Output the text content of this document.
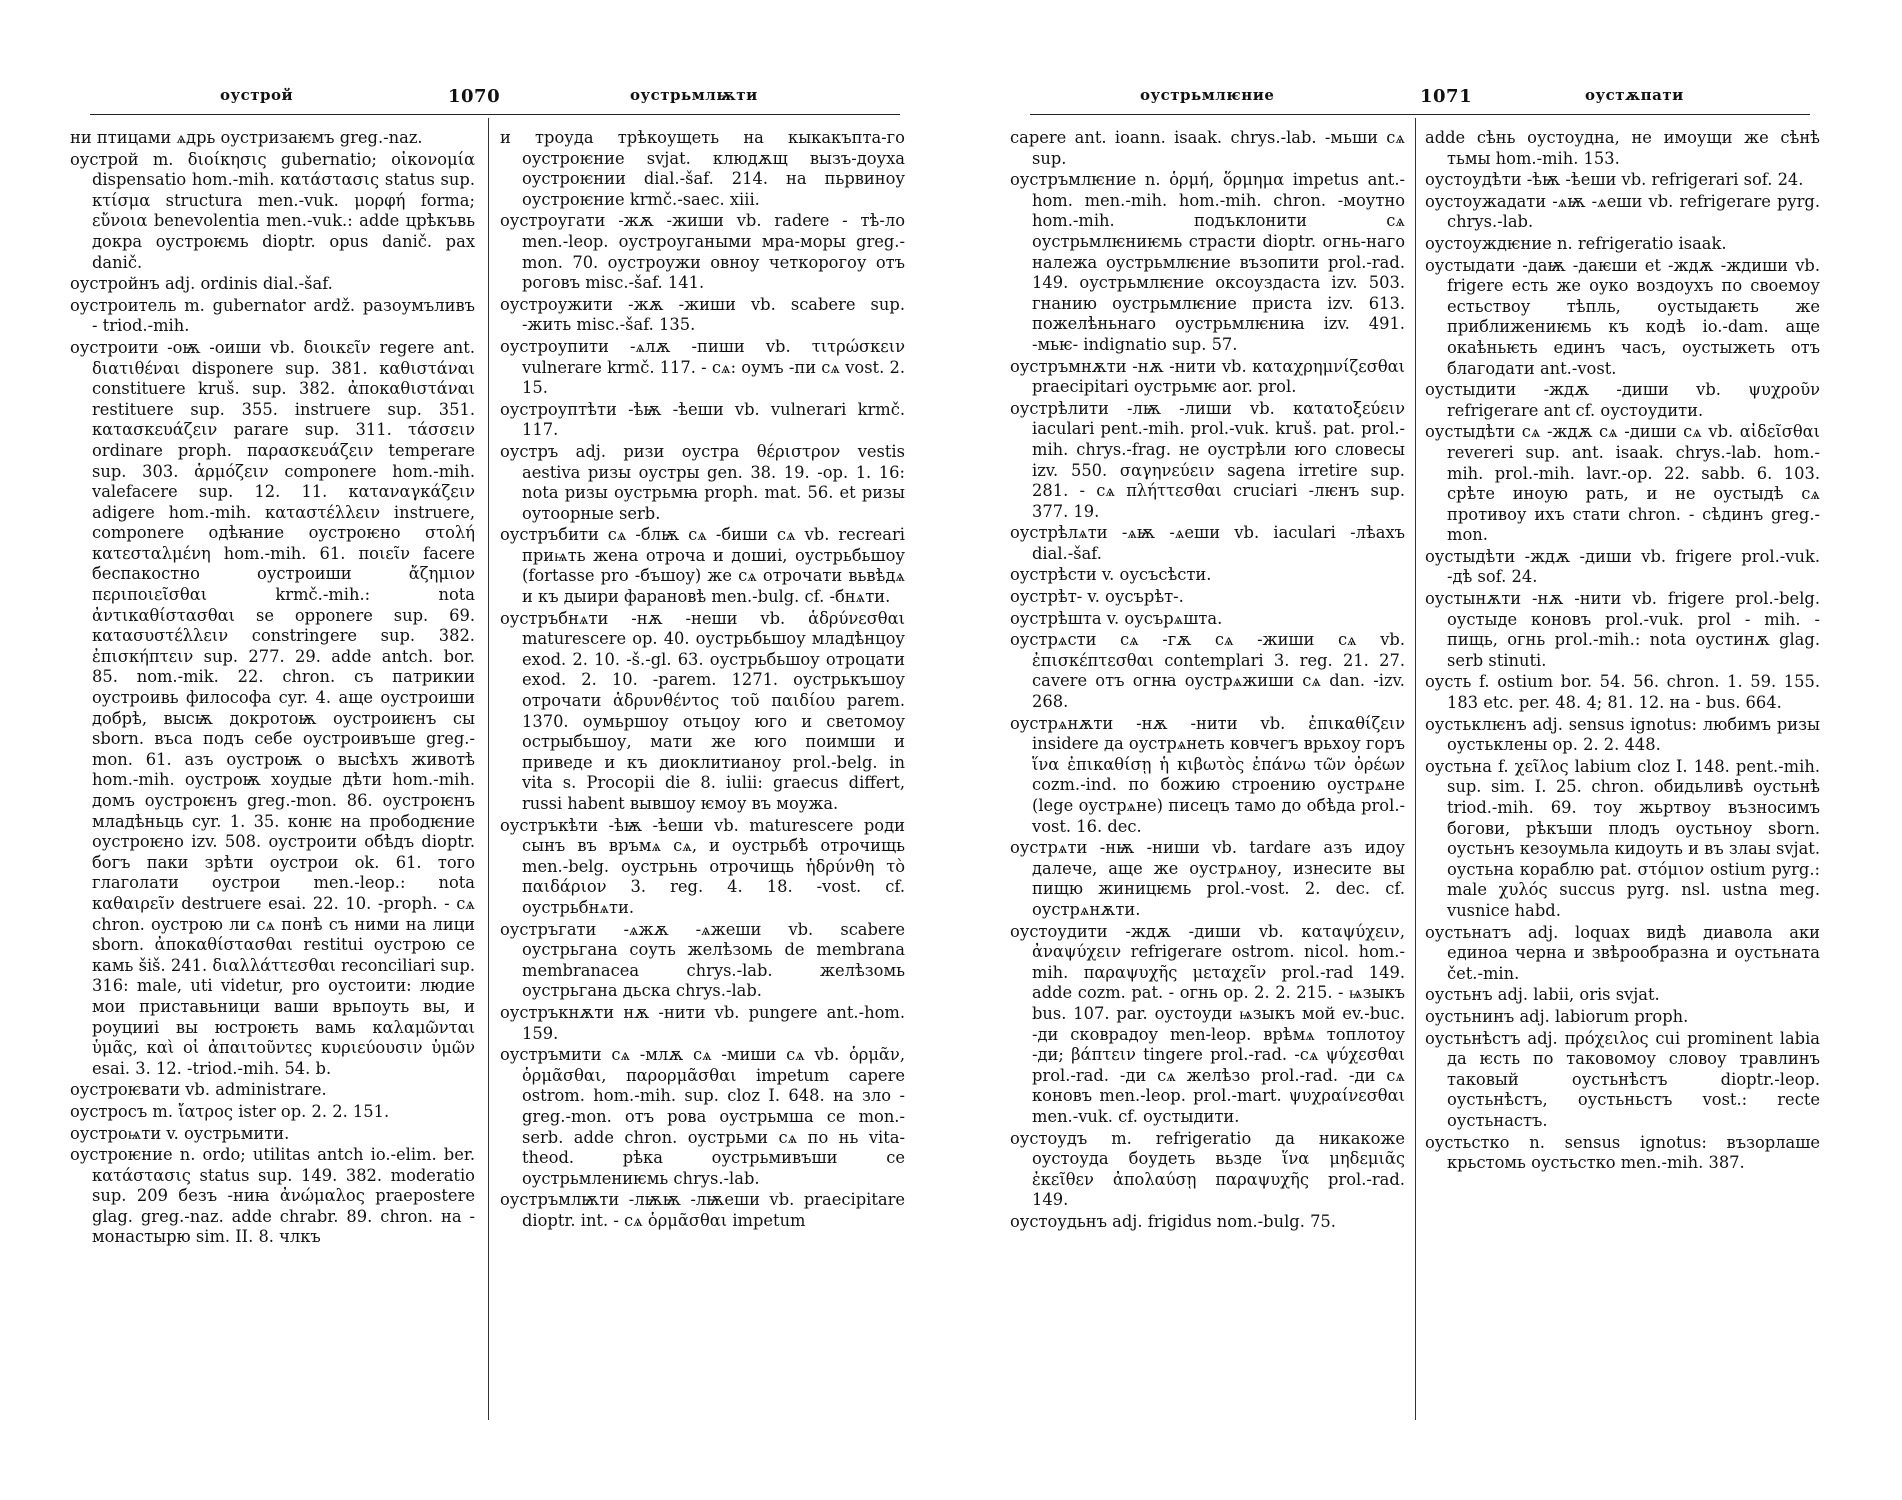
оустрой	1070	оустрьмлѭти

ни птицами ѧдрь оустризаѥмъ greg.-naz.

оустрой m. διοίκησις gubernatio; οἰκονομία dispensatio hom.-mih. κατάστασις status sup. κτίσμα structura men.-vuk. μορφή forma; εὔνοια benevolentia men.-vuk.: adde црѣкъвь докра оустроѥмь dioptr. opus danič. pax danič.

оустройнъ adj. ordinis dial.-šaf.

оустроитель m. gubernator ardž. разоумъливъ - triod.-mih.

оустроити -оѭ -оиши vb. διοικεῖν regere ant. διατιθέναι disponere sup. 381. καθιστάναι constituere kruš. sup. 382. ἀποκαθιστάναι restituere sup. 355. instruere sup. 351. κατασκευάζειν parare sup. 311. τάσσειν ordinare proph. παρασκευάζειν temperare sup. 303. ἁρμόζειν componere hom.-mih. valefacere sup. 12. 11. καταναγκάζειν adigere hom.-mih. καταστέλλειν instruere, componere одѣꙗние оустроѥно στολή κατεσταλμένη hom.-mih. 61. ποιεῖν facere беспакостно оустроиши ἄζημιον περιποιεῖσθαι krmč.-mih.: nota ἀντικαθίστασθαι se opponere sup. 69. κατασυστέλλειν constringere sup. 382. ἐπισκήπτειν sup. 277. 29. adde antch. bor. 85. nom.-mik. 22. chron. съ патрикии оустроивь философа cyr. 4. аще оустроиши добрѣ, высѭ докротоѭ оустроиѥнъ сы sborn. въса подъ себе оустроивъше greg.-mon. 61. азъ оустроѭ о высѣхъ животѣ hom.-mih. оустроѭ хоудые дѣти hom.-mih. домъ оустроѥнъ greg.-mon. 86. оустроѥнъ младѣньць cyr. 1. 35. конѥ на прободѥние оустроѥно izv. 508. оустроити обѣдъ dioptr. богъ паки зрѣти оустрои ok. 61. того глаголати оустрои men.-leop.: nota καθαιρεῖν destruere esai. 22. 10. -proph. - сѧ chron. оустрою ли сѧ понѣ съ ними на лици sborn. ἀποκαθίστασθαι restitui оустрою се камь šiš. 241. διαλλάττεσθαι reconciliari sup. 316: male, uti videtur, pro оустоити: людие мои приставьници ваши врьпоуть вы, и роуцииi вы юстроѥть вамь καλαμῶνται ὑμᾶς, καὶ οἱ ἀπαιτοῦντες κυριεύουσιν ὑμῶν esai. 3. 12. -triod.-mih. 54. b.

оустроѥвати vb. administrare.

оустросъ m. ἴατρος ister op. 2. 2. 151.

оустроѩти v. оустрьмити.

оустроѥние n. ordo; utilitas antch io.-elim. ber. κατάστασις status sup. 149. 382. moderatio sup. 209 безъ -ниꙗ ἀνώμαλος praepostere glag. greg.-naz. adde chrabr. 89. chron. на - монастырю sim. II. 8. члкъ

и троуда трѣкоущеть на кыкакъпта-го оустроѥние svjat. клюдѫщ вызъ-доуха оустроѥнии dial.-šaf. 214. на пьрвиноу оустроѥние krmč.-saec. xiii.

оустроугати -жѫ -жиши vb. radere - тѣ-ло men.-leop. оустроугаными мра-моры greg.-mon. 70. оустроужи овноу четкорогоу отъ роговъ misc.-šaf. 141.

оустроужити -жѫ -жиши vb. scabere sup. -жить misc.-šaf. 135.

оустроупити -ѧлѫ -пиши vb. τιτρώσκειν vulnerare krmč. 117. - сѧ: оумъ -пи сѧ vost. 2. 15.

оустроуптѣти -ѣѭ -ѣеши vb. vulnerari krmč. 117.

оустръ adj. ризи оустра θέριστρον vestis aestiva ризы оустры gen. 38. 19. -op. 1. 16: nota ризы оустрьмꙗ proph. mat. 56. et ризы оутоорные serb.

оустръбити сѧ -блѭ сѧ -биши сѧ vb. recreari приѩть жена отроча и дошиi, оустрьбьшоу (fortasse pro -бъшоу) же сѧ отрочати вьвѣдѧ и къ дыири фарановѣ men.-bulg. cf. -бнѧти.

оустръбнѧти -нѫ -неши vb. ἁδρύνεσθαι maturescere op. 40. оустрьбьшоу младѣнцоу exod. 2. 10. -š.-gl. 63. оустрьбьшоу отроцати exod. 2. 10. -parem. 1271. оустрькъшоу отрочати ἁδρυνθέντος τοῦ παιδίου parem. 1370. оумьршоу отьцоу юго и светомоу острыбьшоу, мати же юго поимши и приведе и къ диоклитианоу prol.-belg. in vita s. Procopii die 8. iulii: graecus differt, russi habent вывшоу ѥмоу въ моужа.

оустръкѣти -ѣѭ -ѣеши vb. maturescere роди сынъ въ връмѧ сѧ, и оустрьбѣ отрочищь men.-belg. оустрьнь отрочищь ἡδρύνθη τὸ παιδάριον 3. reg. 4. 18. -vost. cf. оустрьбнѧти.

оустръгати -ѧжѫ -ѧжеши vb. scabere оустрьгана соуть желѣзомь de membrana membranacea chrys.-lab. желѣзомь оустрьгана дьска chrys.-lab.

оустръкнѫти нѫ -нити vb. pungere ant.-hom. 159.

оустръмити сѧ -млѫ сѧ -миши сѧ vb. ὁρμᾶν, ὁρμᾶσθαι, παρορμᾶσθαι impetum capere ostrom. hom.-mih. sup. cloz I. 648. на зло - greg.-mon. отъ рова оустрьмша се mon.-serb. adde chron. оустрьми сѧ по нь vita-theod. рѣка оустрьмивъши се оустрьмлениѥмь chrys.-lab.

оустръмлѭти -лѭѭ -лѭеши vb. praecipitare dioptr. int. - сѧ ὁρμᾶσθαι impetum

оустрьмлѥние	1071	оустѫпати

capere ant. ioann. isaak. chrys.-lab. -мьши сѧ sup.

оустръмлѥние n. ὁρμή, ὅρμημα impetus ant.-hom. men.-mih. hom.-mih. chron. -моутно hom.-mih. подъклонити сѧ оустрьмлѥниѥмь страсти dioptr. огнь-наго належа оустрьмлѥние възопити prol.-rad. 149. оустрьмлѥние оксоуздаста izv. 503. гнанию оустрьмлѥние приста izv. 613. пожелѣньнаго оустрьмлѥниꙗ izv. 491. -мьѥ- indignatio sup. 57.

оустръмнѫти -нѫ -нити vb. καταχρημνίζεσθαι praecipitari оустрьмѥ aor. prol.

оустрѣлити -лѭ -лиши vb. κατατοξεύειν iaculari pent.-mih. prol.-vuk. kruš. pat. prol.-mih. chrys.-frag. не оустрѣли юго словесы izv. 550. σαγηνεύειν sagena irretire sup. 281. - сѧ πλήττεσθαι cruciari -лѥнъ sup. 377. 19.

оустрѣлѧти -ѧѭ -ѧеши vb. iaculari -лѣахъ dial.-šaf.

оустрѣсти v. оусъсѣсти.

оустрѣт- v. оусърѣт-.

оустрѣшта v. оусърѧшта.

оустрѧсти сѧ -гѫ сѧ -жиши сѧ vb. ἐπισκέπτεσθαι contemplari 3. reg. 21. 27. cavere отъ огнꙗ оустрѧжиши сѧ dan. -izv. 268.

оустрѧнѫти -нѫ -нити vb. ἐπικαθίζειν insidere да оустрѧнеть ковчегъ врьхоу горъ ἵνα ἐπικαθίσῃ ἡ κιβωτὸς ἐπάνω τῶν ὀρέων cozm.-ind. по божию строению оустрѧне (lege оустрѧне) писецъ тамо до обѣда prol.-vost. 16. dec.

оустрѧти -нѭ -ниши vb. tardare азъ идоу далече, аще же оустрѧноу, изнесите вы пищю жиницѥмь prol.-vost. 2. dec. cf. оустрѧнѫти.

оустоудити -ждѫ -диши vb. καταψύχειν, ἀναψύχειν refrigerare ostrom. nicol. hom.-mih. παραψυχῆς μεταχεῖν prol.-rad 149. adde cozm. pat. - огнь op. 2. 2. 215. - ѩзыкъ bus. 107. par. оустоуди ѩзыкъ мой ev.-buc. -ди сковрадоу men-leop. врѣмѧ топлотоу -ди; βάπτειν tingere prol.-rad. -сѧ ψύχεσθαι prol.-rad. -ди сѧ желѣзо prol.-rad. -ди сѧ коновъ men.-leop. prol.-mart. ψυχραίνεσθαι men.-vuk. cf. оустыдити.

оустоудъ m. refrigeratio да никакоже оустоуда боудеть вьзде ἵνα μηδεμιᾶς ἐκεῖθεν ἀπολαύσῃ παραψυχῆς prol.-rad. 149.

оустоудьнъ adj. frigidus nom.-bulg. 75.

adde сѣнь оустоудна, не имоущи же сѣнѣ тьмы hom.-mih. 153.

оустоудѣти -ѣѭ -ѣеши vb. refrigerari sof. 24.

оустоужадати -ѧѭ -ѧеши vb. refrigerare pyrg. chrys.-lab.

оустоуждѥние n. refrigeratio isaak.

оустыдати -даѭ -даѥши et -ждѫ -ждиши vb. frigere есть же оуко воздоухъ по своемоу естьствоу тѣпль, оустыдаѥть же приближениѥмь къ кодѣ io.-dam. аще окаѣньѥть единъ часъ, оустыжеть отъ благодати ant.-vost.

оустыдити -ждѫ -диши vb. ψυχροῦν refrigerare ant cf. оустоудити.

оустыдѣти сѧ -ждѫ сѧ -диши сѧ vb. αἰδεῖσθαι revereri sup. ant. isaak. chrys.-lab. hom.-mih. prol.-mih. lavr.-op. 22. sabb. 6. 103. срѣте иноую рать, и не оустыдѣ сѧ противоу ихъ стати chron. - сѣдинъ greg.-mon.

оустыдѣти -ждѫ -диши vb. frigere prol.-vuk. -дѣ sof. 24.

оустынѫти -нѫ -нити vb. frigere prol.-belg. оустыде коновъ prol.-vuk. prol - mih. - пищь, огнь prol.-mih.: nota оустинѫ glag. serb stinuti.

оусть f. ostium bor. 54. 56. chron. 1. 59. 155. 183 etc. per. 48. 4; 81. 12. на - bus. 664.

оустьклѥнъ adj. sensus ignotus: любимъ ризы оустьклены op. 2. 2. 448.

оустьна f. χεῖλος labium cloz I. 148. pent.-mih. sup. sim. I. 25. chron. обидьливѣ оустьнѣ triod.-mih. 69. тоу жьртвоу възносимъ богови, рѣкъши плодъ оустьноу sborn. оустьнъ кезоумьла кидоуть и въ злаы svjat. оустьна кораблю pat. στόμιον ostium pyrg.: male χυλός succus pyrg. nsl. ustna meg. vusnice habd.

оустьнатъ adj. loquax видѣ диавола аки единоа черна и звѣрообразна и оустьната čet.-min.

оустьнъ adj. labii, oris svjat.

оустьнинъ adj. labiorum proph.

оустьнѣстъ adj. πρόχειλος cui prominent labia да ѥсть по таковомоу словоу травлинъ таковый оустьнѣстъ dioptr.-leop. оустьнѣстъ, оустьньстъ vost.: recte оустьнастъ.

оустьстко n. sensus ignotus: възорлаше крьстомь оустьстко men.-mih. 387.
